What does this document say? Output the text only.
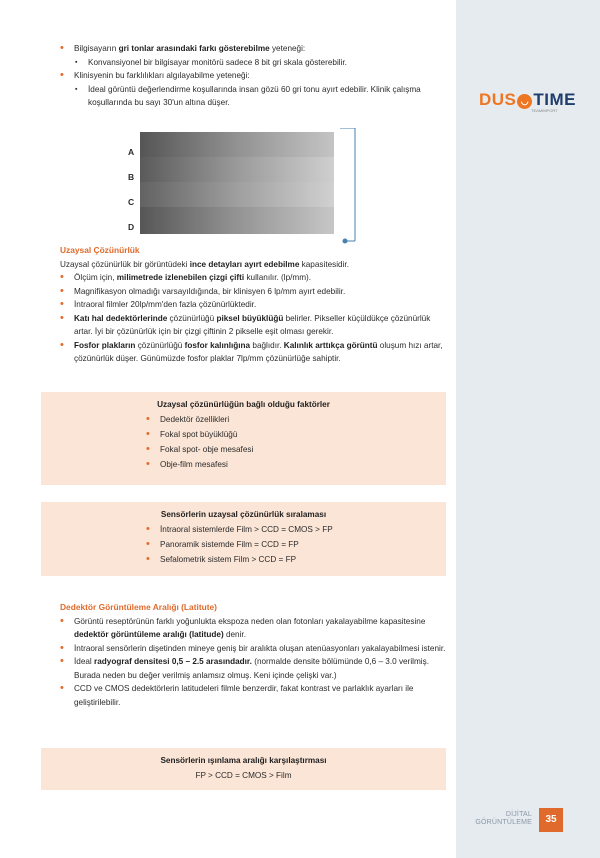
DUS ◡ TIME
TEAMIMPORT
DİJİTAL
GÖRÜNTÜLEME	35
• Bilgisayarın gri tonlar arasındaki farkı gösterebilme yeteneği:
▪ Konvansiyonel bir bilgisayar monitörü sadece 8 bit gri skala gösterebilir.
• Klinisyenin bu farklılıkları algılayabilme yeteneği:
▪ İdeal görüntü değerlendirme koşullarında insan gözü 60 gri tonu ayırt edebilir. Klinik çalışma koşullarında bu sayı 30'un altına düşer.
A
B
C
D
Uzaysal Çözünürlük

Uzaysal çözünürlük bir görüntüdeki ince detayları ayırt edebilme kapasitesidir.

• Ölçüm için, milimetrede izlenebilen çizgi çifti kullanılır. (lp/mm).
• Magnifikasyon olmadığı varsayıldığında, bir klinisyen 6 lp/mm ayırt edebilir.
• İntraoral filmler 20lp/mm'den fazla çözünürlüktedir.
• Katı hal dedektörlerinde çözünürlüğü piksel büyüklüğü belirler. Pikseller küçüldükçe çözünürlük artar. İyi bir çözünürlük için bir çizgi çiftinin 2 pikselle eşit olması gerekir.
• Fosfor plakların çözünürlüğü fosfor kalınlığına bağlıdır. Kalınlık arttıkça görüntü oluşum hızı artar, çözünürlük düşer. Günümüzde fosfor plaklar 7lp/mm çözünürlüğe sahiptir.
Uzaysal çözünürlüğün bağlı olduğu faktörler
• Dedektör özellikleri
• Fokal spot büyüklüğü
• Fokal spot- obje mesafesi
• Obje-film mesafesi
Sensörlerin uzaysal çözünürlük sıralaması
• İntraoral sistemlerde Film > CCD = CMOS > FP
• Panoramik sistemde Film = CCD = FP
• Sefalometrik sistem Film > CCD = FP
Dedektör Görüntüleme Aralığı (Latitute)
• Görüntü reseptörünün farklı yoğunlukta ekspoza neden olan fotonları yakalayabilme kapasitesine dedektör görüntüleme aralığı (latitude) denir.
• İntraoral sensörlerin dişetinden mineye geniş bir aralıkta oluşan atenüasyonları yakalayabilmesi istenir.
• İdeal radyograf densitesi 0,5 – 2.5 arasındadır. (normalde densite bölümünde 0,6 – 3.0 verilmiş. Burada neden bu değer verilmiş anlamsız olmuş. Keni içinde çelişki var.)
• CCD ve CMOS dedektörlerin latitudeleri filmle benzerdir, fakat kontrast ve parlaklık ayarları ile geliştirilebilir.
Sensörlerin ışınlama aralığı karşılaştırması
FP > CCD = CMOS > Film
